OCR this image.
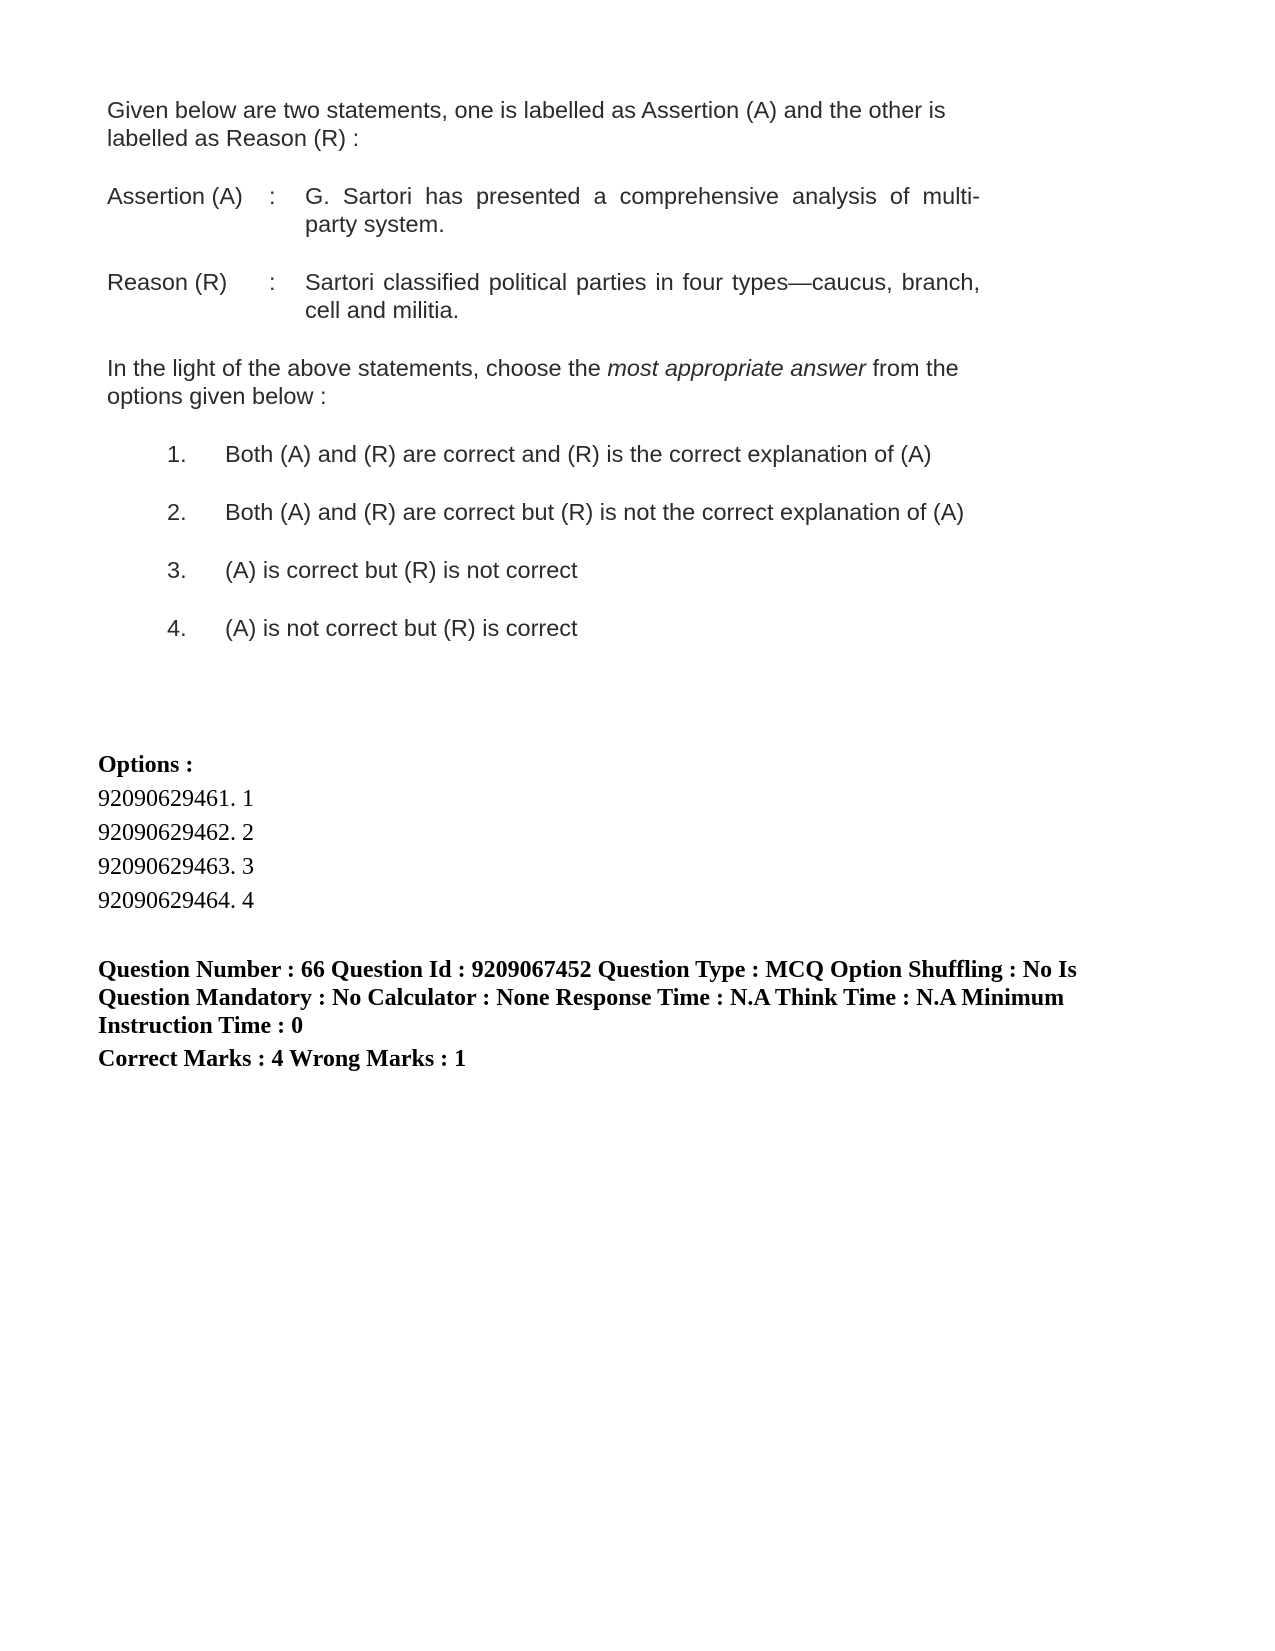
Given below are two statements, one is labelled as Assertion (A) and the other is labelled as Reason (R) :

Assertion (A) : G. Sartori has presented a comprehensive analysis of multi-party system.
Reason (R) : Sartori classified political parties in four types—caucus, branch, cell and militia.

In the light of the above statements, choose the most appropriate answer from the options given below :

1.	Both (A) and (R) are correct and (R) is the correct explanation of (A)
2.	Both (A) and (R) are correct but (R) is not the correct explanation of (A)
3.	(A) is correct but (R) is not correct
4.	(A) is not correct but (R) is correct

Options :

92090629461. 1

92090629462. 2

92090629463. 3

92090629464. 4

Question Number : 66 Question Id : 9209067452 Question Type : MCQ Option Shuffling : No Is Question Mandatory : No Calculator : None Response Time : N.A Think Time : N.A Minimum Instruction Time : 0
Correct Marks : 4 Wrong Marks : 1
